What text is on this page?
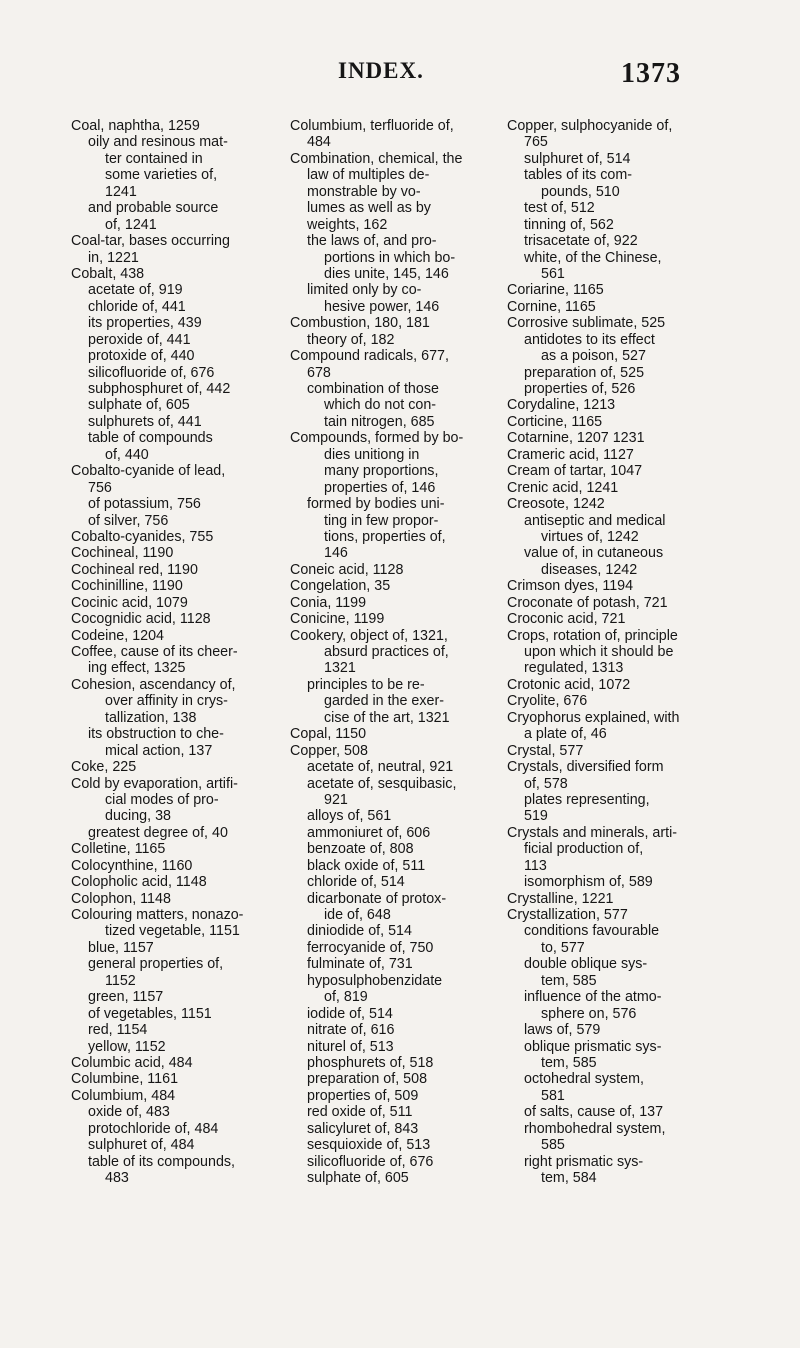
INDEX.	1373
Coal, naphtha, 1259
oily and resinous mat-
ter contained in
some varieties of,
1241
and probable source
of, 1241
Coal-tar, bases occurring
in, 1221
Cobalt, 438
acetate of, 919
chloride of, 441
its properties, 439
peroxide of, 441
protoxide of, 440
silicofluoride of, 676
subphosphuret of, 442
sulphate of, 605
sulphurets of, 441
table of compounds
of, 440
Cobalto-cyanide of lead,
756
of potassium, 756
of silver, 756
Cobalto-cyanides, 755
Cochineal, 1190
Cochineal red, 1190
Cochinilline, 1190
Cocinic acid, 1079
Cocognidic acid, 1128
Codeine, 1204
Coffee, cause of its cheer-
ing effect, 1325
Cohesion, ascendancy of,
over affinity in crys-
tallization, 138
its obstruction to che-
mical action, 137
Coke, 225
Cold by evaporation, artifi-
cial modes of pro-
ducing, 38
greatest degree of, 40
Colletine, 1165
Colocynthine, 1160
Colopholic acid, 1148
Colophon, 1148
Colouring matters, nonazo-
tized vegetable, 1151
blue, 1157
general properties of,
1152
green, 1157
of vegetables, 1151
red, 1154
yellow, 1152
Columbic acid, 484
Columbine, 1161
Columbium, 484
oxide of, 483
protochloride of, 484
sulphuret of, 484
table of its compounds,
483
Columbium, terfluoride of,
484
Combination, chemical, the
law of multiples de-
monstrable by vo-
lumes as well as by
weights, 162
the laws of, and pro-
portions in which bo-
dies unite, 145, 146
limited only by co-
hesive power, 146
Combustion, 180, 181
theory of, 182
Compound radicals, 677,
678
combination of those
which do not con-
tain nitrogen, 685
Compounds, formed by bo-
dies unitiong in
many proportions,
properties of, 146
formed by bodies uni-
ting in few propor-
tions, properties of,
146
Coneic acid, 1128
Congelation, 35
Conia, 1199
Conicine, 1199
Cookery, object of, 1321,
absurd practices of,
1321
principles to be re-
garded in the exer-
cise of the art, 1321
Copal, 1150
Copper, 508
acetate of, neutral, 921
acetate of, sesquibasic,
921
alloys of, 561
ammoniuret of, 606
benzoate of, 808
black oxide of, 511
chloride of, 514
dicarbonate of protox-
ide of, 648
diniodide of, 514
ferrocyanide of, 750
fulminate of, 731
hyposulphobenzidate
of, 819
iodide of, 514
nitrate of, 616
niturel of, 513
phosphurets of, 518
preparation of, 508
properties of, 509
red oxide of, 511
salicyluret of, 843
sesquioxide of, 513
silicofluoride of, 676
sulphate of, 605
Copper, sulphocyanide of,
765
sulphuret of, 514
tables of its com-
pounds, 510
test of, 512
tinning of, 562
trisacetate of, 922
white, of the Chinese,
561
Coriarine, 1165
Cornine, 1165
Corrosive sublimate, 525
antidotes to its effect
as a poison, 527
preparation of, 525
properties of, 526
Corydaline, 1213
Corticine, 1165
Cotarnine, 1207 1231
Crameric acid, 1127
Cream of tartar, 1047
Crenic acid, 1241
Creosote, 1242
antiseptic and medical
virtues of, 1242
value of, in cutaneous
diseases, 1242
Crimson dyes, 1194
Croconate of potash, 721
Croconic acid, 721
Crops, rotation of, principle
upon which it should be
regulated, 1313
Crotonic acid, 1072
Cryolite, 676
Cryophorus explained, with
a plate of, 46
Crystal, 577
Crystals, diversified form
of, 578
plates representing,
519
Crystals and minerals, arti-
ficial production of,
113
isomorphism of, 589
Crystalline, 1221
Crystallization, 577
conditions favourable
to, 577
double oblique sys-
tem, 585
influence of the atmo-
sphere on, 576
laws of, 579
oblique prismatic sys-
tem, 585
octohedral system,
581
of salts, cause of, 137
rhombohedral system,
585
right prismatic sys-
tem, 584
